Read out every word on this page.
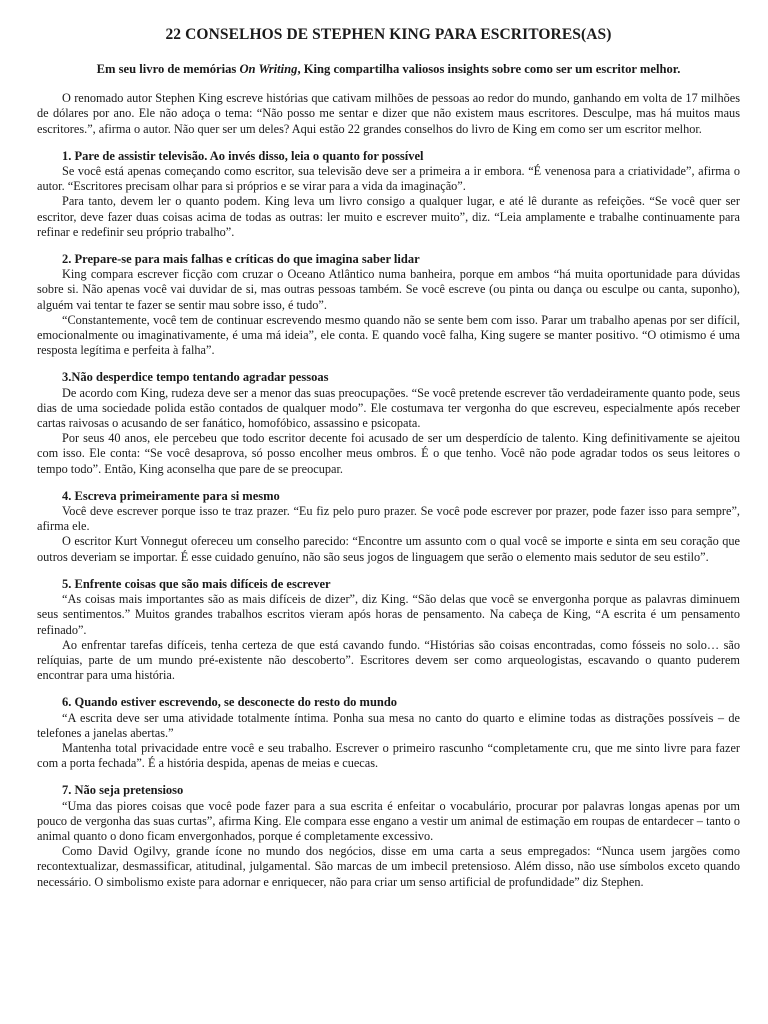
22 CONSELHOS DE STEPHEN KING PARA ESCRITORES(AS)
Em seu livro de memórias On Writing, King compartilha valiosos insights sobre como ser um escritor melhor.

O renomado autor Stephen King escreve histórias que cativam milhões de pessoas ao redor do mundo, ganhando em volta de 17 milhões de dólares por ano. Ele não adoça o tema: “Não posso me sentar e dizer que não existem maus escritores. Desculpe, mas há muitos maus escritores.”, afirma o autor. Não quer ser um deles? Aqui estão 22 grandes conselhos do livro de King em como ser um escritor melhor.

1. Pare de assistir televisão. Ao invés disso, leia o quanto for possível

Se você está apenas começando como escritor, sua televisão deve ser a primeira a ir embora. “É venenosa para a criatividade”, afirma o autor. “Escritores precisam olhar para si próprios e se virar para a vida da imaginação”.

Para tanto, devem ler o quanto podem. King leva um livro consigo a qualquer lugar, e até lê durante as refeições. “Se você quer ser escritor, deve fazer duas coisas acima de todas as outras: ler muito e escrever muito”, diz. “Leia amplamente e trabalhe continuamente para refinar e redefinir seu próprio trabalho”.

2. Prepare-se para mais falhas e críticas do que imagina saber lidar

King compara escrever ficção com cruzar o Oceano Atlântico numa banheira, porque em ambos “há muita oportunidade para dúvidas sobre si. Não apenas você vai duvidar de si, mas outras pessoas também. Se você escreve (ou pinta ou dança ou esculpe ou canta, suponho), alguém vai tentar te fazer se sentir mau sobre isso, é tudo”.

“Constantemente, você tem de continuar escrevendo mesmo quando não se sente bem com isso. Parar um trabalho apenas por ser difícil, emocionalmente ou imaginativamente, é uma má ideia”, ele conta. E quando você falha, King sugere se manter positivo. “O otimismo é uma resposta legítima e perfeita à falha”.

3.Não desperdice tempo tentando agradar pessoas

De acordo com King, rudeza deve ser a menor das suas preocupações. “Se você pretende escrever tão verdadeiramente quanto pode, seus dias de uma sociedade polida estão contados de qualquer modo”. Ele costumava ter vergonha do que escreveu, especialmente após receber cartas raivosas o acusando de ser fanático, homofóbico, assassino e psicopata.

Por seus 40 anos, ele percebeu que todo escritor decente foi acusado de ser um desperdício de talento. King definitivamente se ajeitou com isso. Ele conta: “Se você desaprova, só posso encolher meus ombros. É o que tenho. Você não pode agradar todos os seus leitores o tempo todo”. Então, King aconselha que pare de se preocupar.

4. Escreva primeiramente para si mesmo

Você deve escrever porque isso te traz prazer. “Eu fiz pelo puro prazer. Se você pode escrever por prazer, pode fazer isso para sempre”, afirma ele.

O escritor Kurt Vonnegut ofereceu um conselho parecido: “Encontre um assunto com o qual você se importe e sinta em seu coração que outros deveriam se importar. É esse cuidado genuíno, não são seus jogos de linguagem que serão o elemento mais sedutor de seu estilo”.

5. Enfrente coisas que são mais difíceis de escrever

“As coisas mais importantes são as mais difíceis de dizer”, diz King. “São delas que você se envergonha porque as palavras diminuem seus sentimentos.” Muitos grandes trabalhos escritos vieram após horas de pensamento. Na cabeça de King, “A escrita é um pensamento refinado”.

Ao enfrentar tarefas difíceis, tenha certeza de que está cavando fundo. “Histórias são coisas encontradas, como fósseis no solo… são relíquias, parte de um mundo pré-existente não descoberto”. Escritores devem ser como arqueologistas, escavando o quanto puderem encontrar para uma história.

6. Quando estiver escrevendo, se desconecte do resto do mundo

“A escrita deve ser uma atividade totalmente íntima. Ponha sua mesa no canto do quarto e elimine todas as distrações possíveis – de telefones a janelas abertas.”

Mantenha total privacidade entre você e seu trabalho. Escrever o primeiro rascunho “completamente cru, que me sinto livre para fazer com a porta fechada”. É a história despida, apenas de meias e cuecas.

7. Não seja pretensioso

“Uma das piores coisas que você pode fazer para a sua escrita é enfeitar o vocabulário, procurar por palavras longas apenas por um pouco de vergonha das suas curtas”, afirma King. Ele compara esse engano a vestir um animal de estimação em roupas de entardecer – tanto o animal quanto o dono ficam envergonhados, porque é completamente excessivo.

Como David Ogilvy, grande ícone no mundo dos negócios, disse em uma carta a seus empregados: “Nunca usem jargões como recontextualizar, desmassificar, atitudinal, julgamental. São marcas de um imbecil pretensioso. Além disso, não use símbolos exceto quando necessário. O simbolismo existe para adornar e enriquecer, não para criar um senso artificial de profundidade” diz Stephen.
